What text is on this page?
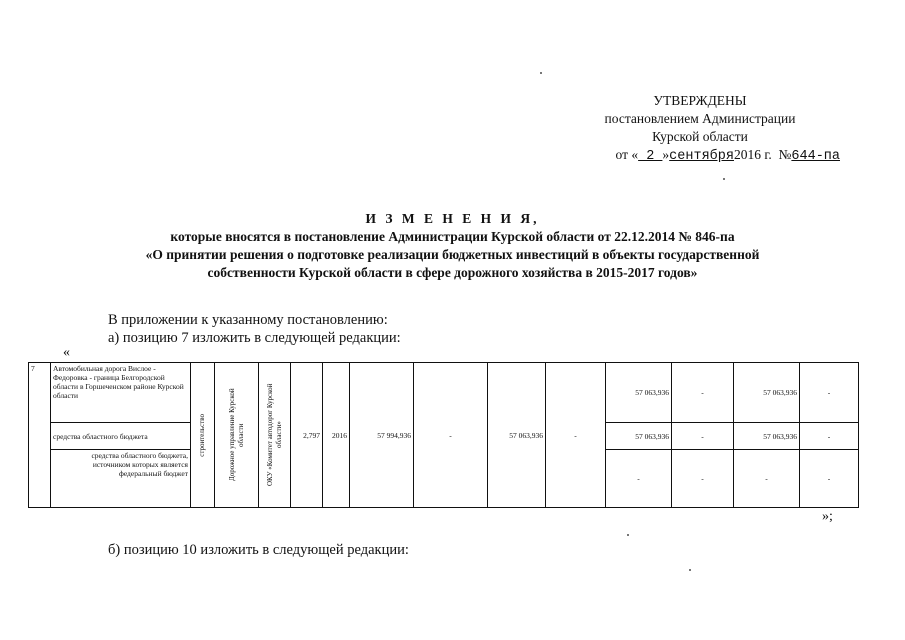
УТВЕРЖДЕНЫ
постановлением Администрации
Курской области
от « 2 »сентября2016 г. №644-па
И З М Е Н Е Н И Я,
которые вносятся в постановление Администрации Курской области от 22.12.2014 № 846-па
«О принятии решения о подготовке реализации бюджетных инвестиций в объекты государственной
собственности Курской области в сфере дорожного хозяйства в 2015-2017 годов»
В приложении к указанному постановлению:
а) позицию 7 изложить в следующей редакции:
«
7	Автомобильная дорога Вислое - Федоровка - граница Белгородской области в Горшеченском районе Курской области	строительство	Дорожное управление Курской области	ОКУ «Комитет автодорог Курской области»	2,797	2016	57 994,936	-	57 063,936	-	57 063,936	-	57 063,936	-
	средства областного бюджета										57 063,936	-	57 063,936	-
	средства областного бюджета, источником которых является федеральный бюджет										-	-	-	-
»;
б) позицию 10 изложить в следующей редакции:
